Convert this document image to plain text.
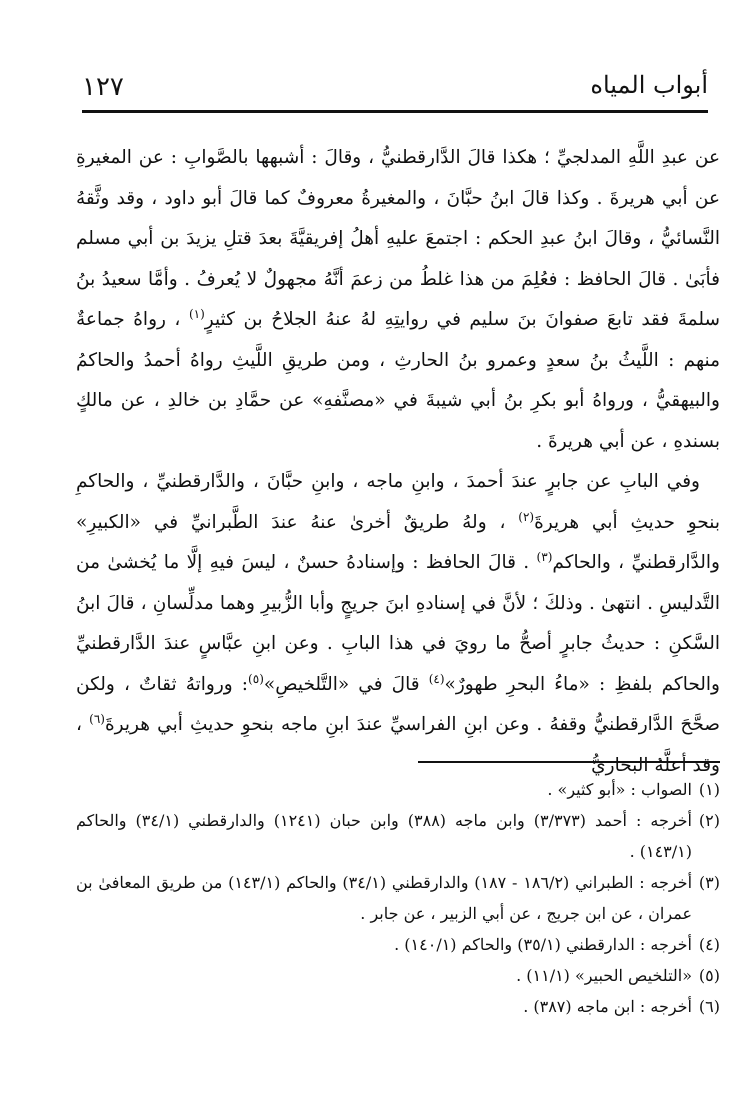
أبواب المياه
١٢٧

عن عبدِ اللَّهِ المدلجيِّ ؛ هكذا قالَ الدَّارقطنيُّ ، وقالَ : أشبهها بالصَّوابِ : عن المغيرةِ عن أبي هريرةَ . وكذا قالَ ابنُ حبَّانَ ، والمغيرةُ معروفٌ كما قالَ أبو داود ، وقد وثَّقهُ النَّسائيُّ ، وقالَ ابنُ عبدِ الحكم : اجتمعَ عليهِ أهلُ إفريقيَّةَ بعدَ قتلِ يزيدَ بن أبي مسلم فأبَىٰ . قالَ الحافظ : فعُلِمَ من هذا غلطُ من زعمَ أنَّهُ مجهولٌ لا يُعرفُ . وأمَّا سعيدُ بنُ سلمةَ فقد تابعَ صفوانَ بنَ سليم في روايتِهِ لهُ عنهُ الجلاحُ بن كثيرٍ$^{(١)}$ ، رواهُ جماعةٌ منهم : اللَّيثُ بنُ سعدٍ وعمرو بنُ الحارثِ ، ومن طريقِ اللَّيثِ رواهُ أحمدُ والحاكمُ والبيهقيُّ ، ورواهُ أبو بكرِ بنُ أبي شيبةَ في «مصنَّفهِ» عن حمَّادِ بن خالدِ ، عن مالكٍ بسندهِ ، عن أبي هريرةَ .

وفي البابِ عن جابرٍ عندَ أحمدَ ، وابنِ ماجه ، وابنِ حبَّانَ ، والدَّارقطنيِّ ، والحاكمِ بنحوِ حديثِ أبي هريرةَ$^{(٢)}$ ، ولهُ طريقٌ أخرىٰ عنهُ عندَ الطَّبرانيِّ في «الكبيرِ» والدَّارقطنيِّ ، والحاكم$^{(٣)}$ . قالَ الحافظ : وإسنادهُ حسنٌ ، ليسَ فيهِ إلَّا ما يُخشىٰ من التَّدليسِ . انتهىٰ . وذلكَ ؛ لأنَّ في إسنادهِ ابنَ جريجٍ وأبا الزُّبيرِ وهما مدلِّسانِ ، قالَ ابنُ السَّكنِ : حديثُ جابرٍ أصحُّ ما رويَ في هذا البابِ . وعن ابنِ عبَّاسٍ عندَ الدَّارقطنيِّ والحاكم بلفظِ : «ماءُ البحرِ طهورٌ»$^{(٤)}$ قالَ في «التَّلخيصِ»$^{(٥)}$: ورواتهُ ثقاتٌ ، ولكن صحَّحَ الدَّارقطنيُّ وقفهُ . وعن ابنِ الفراسيِّ عندَ ابنِ ماجه بنحوِ حديثِ أبي هريرةَ$^{(٦)}$ ، وقد أعلَّهُ البخاريُّ

(١)
الصواب : «أبو كثير» .

(٢)
أخرجه : أحمد (٣/٣٧٣) وابن ماجه (٣٨٨) وابن حبان (١٢٤١) والدارقطني (٣٤/١) والحاكم (١٤٣/١) .

(٣)
أخرجه : الطبراني (١٨٦/٢ - ١٨٧) والدارقطني (٣٤/١) والحاكم (١٤٣/١) من طريق المعافىٰ بن عمران ، عن ابن جريج ، عن أبي الزبير ، عن جابر .

(٤)
أخرجه : الدارقطني (٣٥/١) والحاكم (١٤٠/١) .

(٥)
«التلخيص الحبير» (١١/١) .

(٦)
أخرجه : ابن ماجه (٣٨٧) .
